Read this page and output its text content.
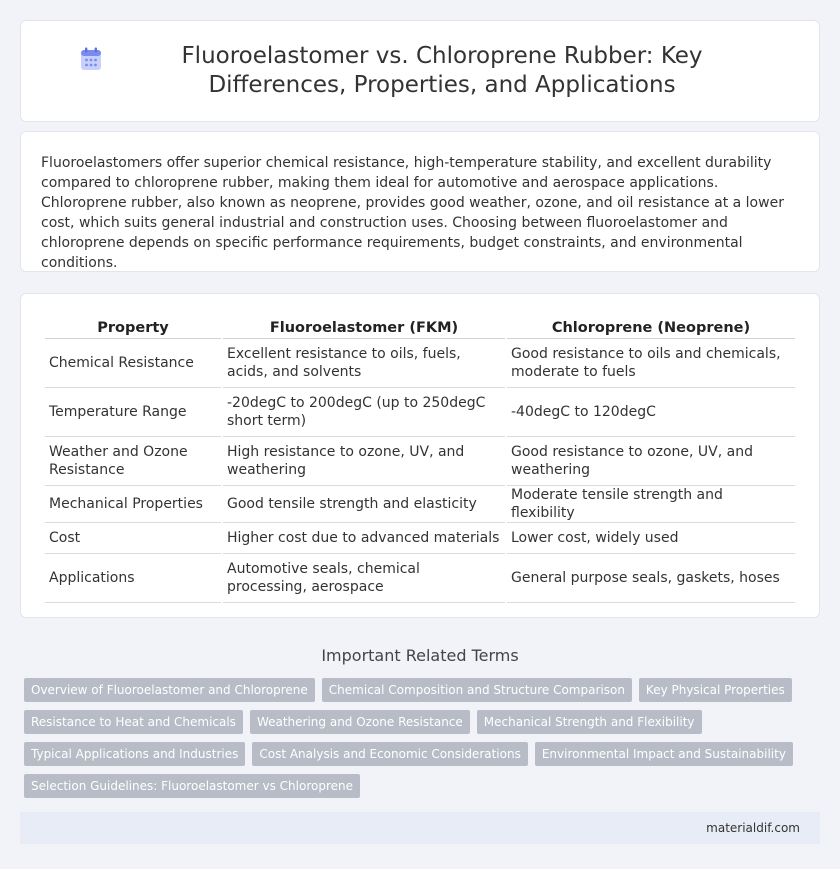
Fluoroelastomer vs. Chloroprene Rubber: Key Differences, Properties, and Applications

Fluoroelastomers offer superior chemical resistance, high-temperature stability, and excellent durability compared to chloroprene rubber, making them ideal for automotive and aerospace applications. Chloroprene rubber, also known as neoprene, provides good weather, ozone, and oil resistance at a lower cost, which suits general industrial and construction uses. Choosing between fluoroelastomer and chloroprene depends on specific performance requirements, budget constraints, and environmental conditions.

Property	Fluoroelastomer (FKM)	Chloroprene (Neoprene)
Chemical Resistance	Excellent resistance to oils, fuels, acids, and solvents	Good resistance to oils and chemicals, moderate to fuels
Temperature Range	-20degC to 200degC (up to 250degC short term)	-40degC to 120degC
Weather and Ozone Resistance	High resistance to ozone, UV, and weathering	Good resistance to ozone, UV, and weathering
Mechanical Properties	Good tensile strength and elasticity	Moderate tensile strength and flexibility
Cost	Higher cost due to advanced materials	Lower cost, widely used
Applications	Automotive seals, chemical processing, aerospace	General purpose seals, gaskets, hoses
Important Related Terms
Overview of Fluoroelastomer and Chloroprene	Chemical Composition and Structure Comparison	Key Physical Properties
Resistance to Heat and Chemicals	Weathering and Ozone Resistance	Mechanical Strength and Flexibility
Typical Applications and Industries	Cost Analysis and Economic Considerations	Environmental Impact and Sustainability
Selection Guidelines: Fluoroelastomer vs Chloroprene
materialdif.com
